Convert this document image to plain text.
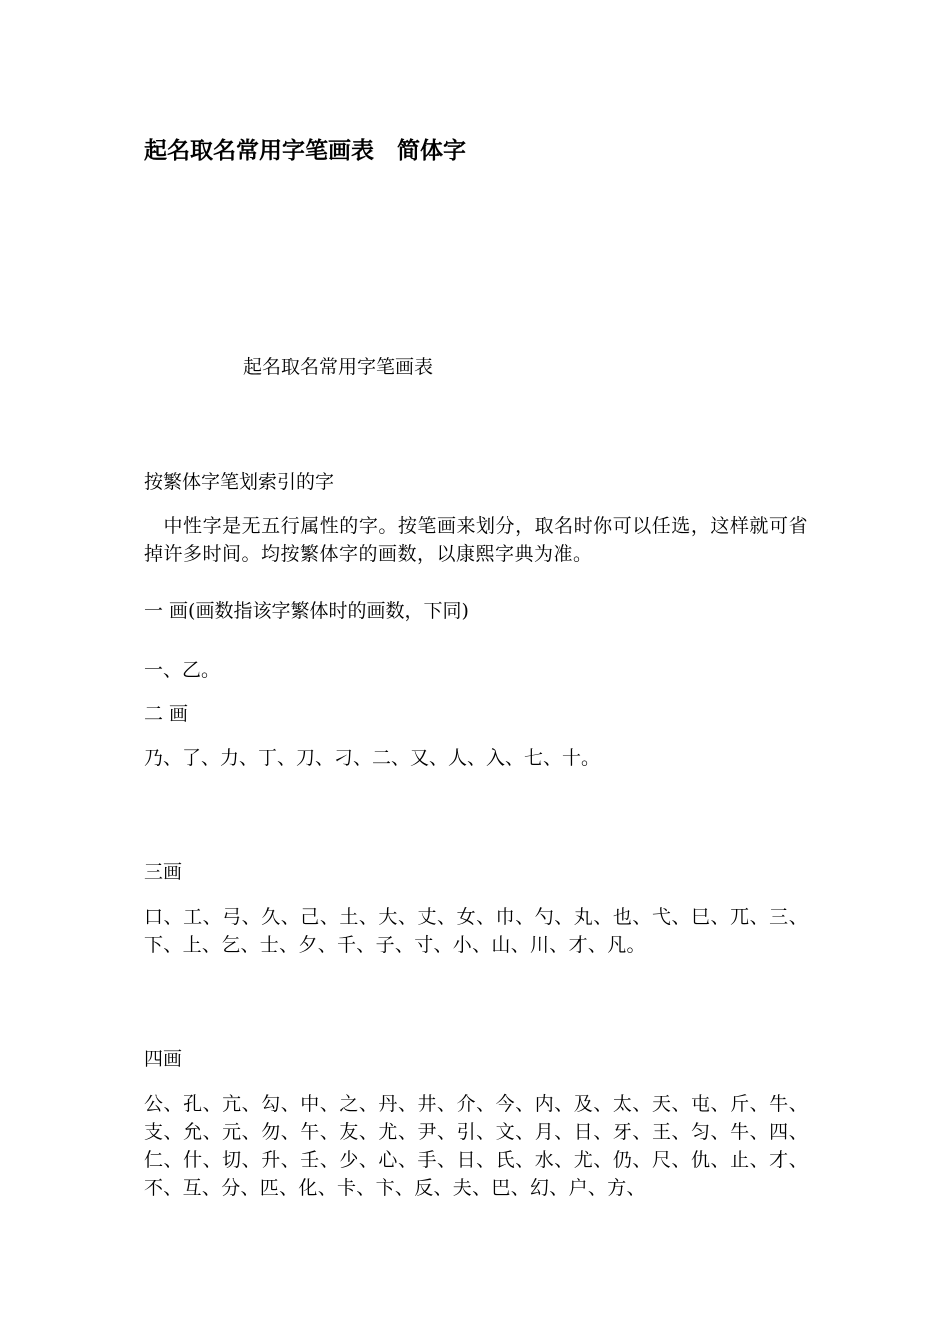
起名取名常用字笔画表　简体字

起名取名常用字笔画表

按繁体字笔划索引的字

　中性字是无五行属性的字。按笔画来划分，取名时你可以任选，这样就可省掉许多时间。均按繁体字的画数，以康熙字典为准。

一 画(画数指该字繁体时的画数，下同)

一、乙。

二 画

乃、了、力、丁、刀、刁、二、又、人、入、七、十。

三画

口、工、弓、久、己、土、大、丈、女、巾、勺、丸、也、弋、巳、兀、三、下、上、乞、士、夕、千、子、寸、小、山、川、才、凡。

四画

公、孔、亢、勾、中、之、丹、井、介、今、内、及、太、天、屯、斤、牛、支、允、元、勿、午、友、尤、尹、引、文、月、日、牙、王、匀、牛、四、仁、什、切、升、壬、少、心、手、日、氏、水、尤、仍、尺、仇、止、才、不、互、分、匹、化、卡、卞、反、夫、巴、幻、户、方、
